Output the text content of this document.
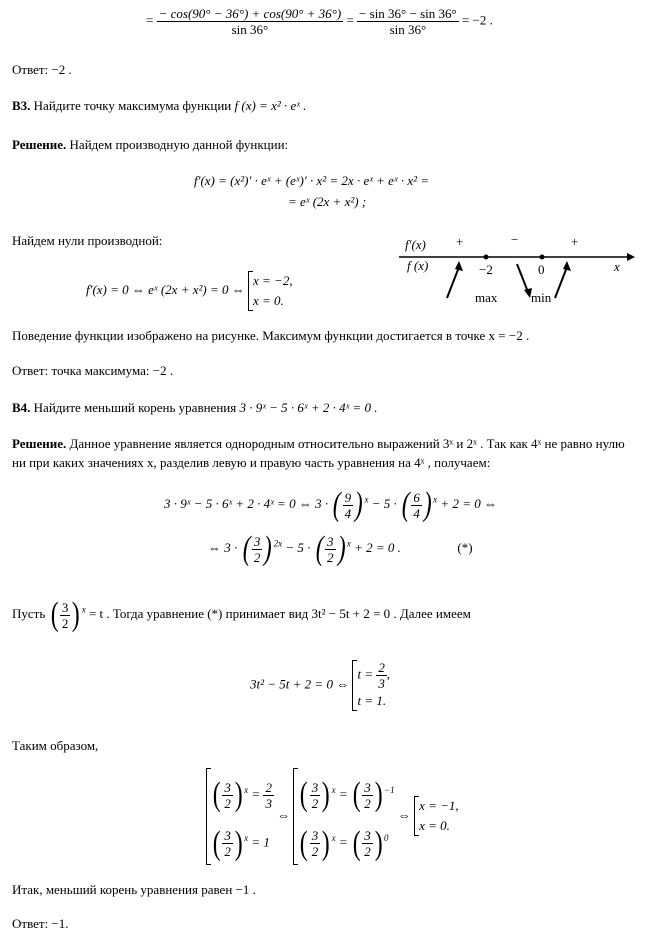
= $\frac{- \cos(90^\circ - 36^\circ) + \cos(90^\circ + 36^\circ)}{\sin 36^\circ} = \frac{- \sin 36^\circ - \sin 36^\circ}{\sin 36^\circ} = -2$ .
Ответ: −2 .
B3. Найдите точку максимума функции f (x) = x² · eˣ .
Решение. Найдем производную данной функции:
f′(x) = (x²)′ · eˣ + (eˣ)′ · x² = 2x · eˣ + eˣ · x² =
= eˣ (2x + x²) ;
Найдем нули производной:
f′(x) = 0 ⇔ eˣ (2x + x²) = 0 ⇔
x = −2,
x = 0.
f′(x)
f (x)	x
+	−	+
−2	0
max	min
Поведение функции изображено на рисунке. Максимум функции достигается в точке x = −2 .
Ответ: точка максимума: −2 .
B4. Найдите меньший корень уравнения 3 · 9ˣ − 5 · 6ˣ + 2 · 4ˣ = 0 .
Решение. Данное уравнение является однородным относительно выражений 3ˣ и 2ˣ . Так как 4ˣ не равно нулю ни при каких значениях x, разделив левую и правую часть уравнения на 4ˣ , получаем:
3 · 9ˣ − 5 · 6ˣ + 2 · 4ˣ = 0 ⇔ 3 · ( $\frac{9}{4}$ ) $^x$ − 5 · ( $\frac{6}{4}$ ) $^x$ + 2 = 0 ⇔
⇔ 3 · ( $\frac{3}{2}$ ) $^{2x}$ − 5 · ( $\frac{3}{2}$ ) $^x$ + 2 = 0 .	(*)
Пусть ( $\frac{3}{2}$ ) $^x$ = t . Тогда уравнение (*) принимает вид 3t² − 5t + 2 = 0 . Далее имеем
3t² − 5t + 2 = 0 ⇔
$t = \frac{2}{3}$ ,
t = 1.
Таким образом,
( $\frac{3}{2}$ ) $^x = \frac{2}{3}$
( $\frac{3}{2}$ ) $^x$ = 1
⇔
( $\frac{3}{2}$ ) $^x$ = ( $\frac{3}{2}$ ) $^{-1}$
( $\frac{3}{2}$ ) $^x$ = ( $\frac{3}{2}$ ) $^0$
⇔
x = −1,
x = 0.
Итак, меньший корень уравнения равен −1 .
Ответ: −1.
